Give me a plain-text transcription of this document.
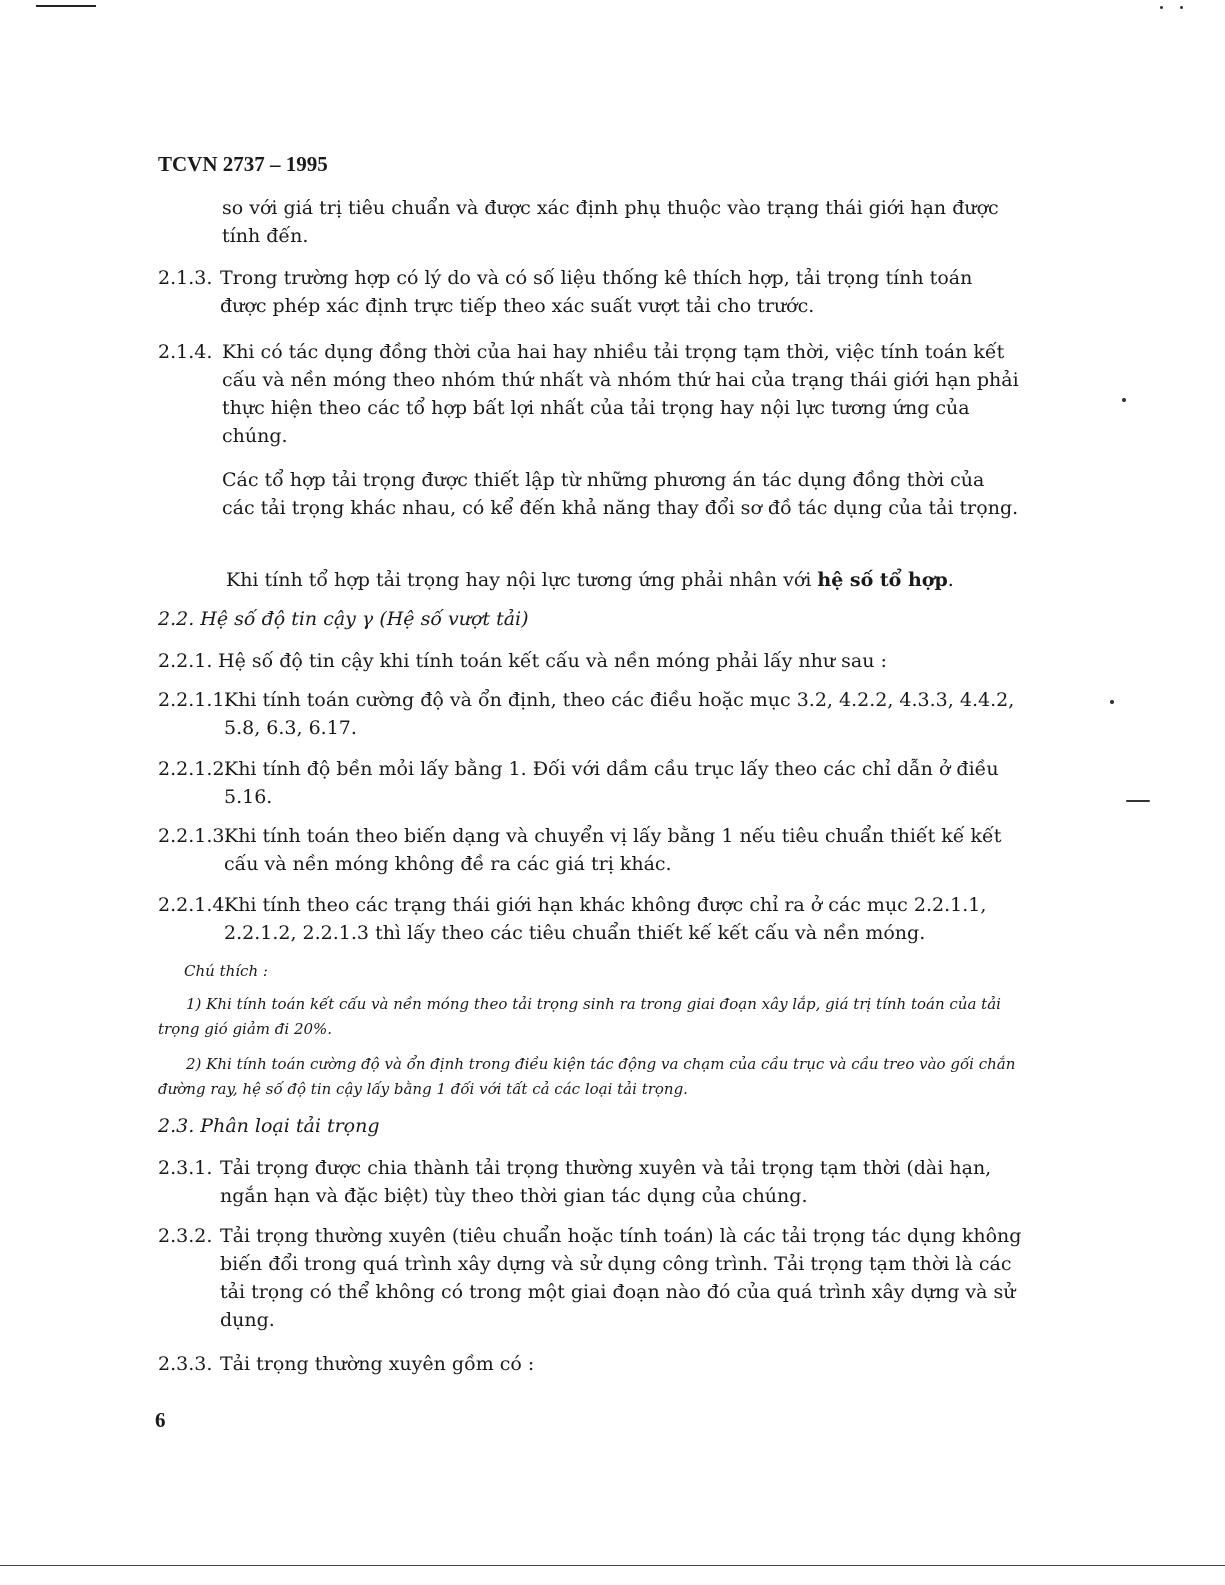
TCVN 2737 – 1995
so với giá trị tiêu chuẩn và được xác định phụ thuộc vào trạng thái giới hạn được tính đến.
2.1.3. Trong trường hợp có lý do và có số liệu thống kê thích hợp, tải trọng tính toán được phép xác định trực tiếp theo xác suất vượt tải cho trước.
2.1.4. Khi có tác dụng đồng thời của hai hay nhiều tải trọng tạm thời, việc tính toán kết cấu và nền móng theo nhóm thứ nhất và nhóm thứ hai của trạng thái giới hạn phải thực hiện theo các tổ hợp bất lợi nhất của tải trọng hay nội lực tương ứng của chúng.
Các tổ hợp tải trọng được thiết lập từ những phương án tác dụng đồng thời của các tải trọng khác nhau, có kể đến khả năng thay đổi sơ đồ tác dụng của tải trọng.
Khi tính tổ hợp tải trọng hay nội lực tương ứng phải nhân với hệ số tổ hợp.
2.2. Hệ số độ tin cậy γ (Hệ số vượt tải)
2.2.1. Hệ số độ tin cậy khi tính toán kết cấu và nền móng phải lấy như sau :
2.2.1.1.
Khi tính toán cường độ và ổn định, theo các điều hoặc mục 3.2, 4.2.2, 4.3.3, 4.4.2, 5.8, 6.3, 6.17.
2.2.1.2.
Khi tính độ bền mỏi lấy bằng 1. Đối với dầm cầu trục lấy theo các chỉ dẫn ở điều 5.16.
2.2.1.3.
Khi tính toán theo biến dạng và chuyển vị lấy bằng 1 nếu tiêu chuẩn thiết kế kết cấu và nền móng không đề ra các giá trị khác.
2.2.1.4.
Khi tính theo các trạng thái giới hạn khác không được chỉ ra ở các mục 2.2.1.1, 2.2.1.2, 2.2.1.3 thì lấy theo các tiêu chuẩn thiết kế kết cấu và nền móng.
Chú thích :
1) Khi tính toán kết cấu và nền móng theo tải trọng sinh ra trong giai đoạn xây lắp, giá trị tính toán của tải trọng gió giảm đi 20%.
2) Khi tính toán cường độ và ổn định trong điều kiện tác động va chạm của cầu trục và cầu treo vào gối chắn đường ray, hệ số độ tin cậy lấy bằng 1 đối với tất cả các loại tải trọng.
2.3. Phân loại tải trọng
2.3.1. Tải trọng được chia thành tải trọng thường xuyên và tải trọng tạm thời (dài hạn, ngắn hạn và đặc biệt) tùy theo thời gian tác dụng của chúng.
2.3.2. Tải trọng thường xuyên (tiêu chuẩn hoặc tính toán) là các tải trọng tác dụng không biến đổi trong quá trình xây dựng và sử dụng công trình. Tải trọng tạm thời là các tải trọng có thể không có trong một giai đoạn nào đó của quá trình xây dựng và sử dụng.
2.3.3. Tải trọng thường xuyên gồm có :
6
